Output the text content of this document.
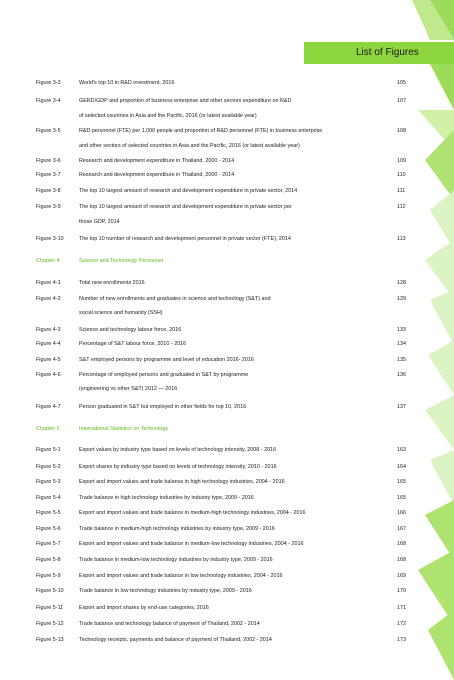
List of Figures
Figure 3-3	World's top 10 in R&D investment, 2016	105
Figure 3-4	GERD/GDP and proportion of business enterprise and other sectors expenditure on R&D	107
of selected countries in Asia and the Pacific, 2016 (or latest available year)
Figure 3-5	R&D personnel (FTE) per 1,000 people and proportion of R&D personnel (FTE) in business enterprise	108
and other sectors of selected countries in Asia and the Pacific, 2016 (or latest available year)
Figure 3-6	Research and development expenditure in Thailand, 2000 - 2014	109
Figure 3-7	Research and development expenditure in Thailand, 2000 - 2014	110
Figure 3-8	The top 10 largest amount of research and development expenditure in private sector, 2014	111
Figure 3-9	The top 10 largest amount of research and development expenditure in private sector per	112
those GDP, 2014
Figure 3-10	The top 10 number of research and development personnel in private sector (FTE), 2014	113
Chapter 4	Science and Technology Personnel
Figure 4-1	Total new enrollments 2016	128
Figure 4-2	Number of new enrollments and graduates in science and technology (S&T) and	129
social science and humanity (SSH)
Figure 4-3	Science and technology labour force, 2016	133
Figure 4-4	Percentage of S&T labour force, 2010 - 2016	134
Figure 4-5	S&T employed persons by programme and level of education 2016- 2016	135
Figure 4-6	Percentage of employed persons and graduated in S&T by programme	136
(engineering vs other S&T) 2012 — 2016
Figure 4-7	Person graduated in S&T but employed in other fields for top 10, 2016	137
Chapter 5	International Statistics on Technology
Figure 5-1	Export values by industry type based on levels of technology intensity, 2008 - 2016	163
Figure 5-2	Export shares by industry type based on levels of technology intensity, 2010 - 2016	164
Figure 5-3	Export and import values and trade balance in high technology industries, 2004 - 2016	165
Figure 5-4	Trade balance in high technology industries by industry type, 2009 - 2016	165
Figure 5-5	Export and import values and trade balance in medium-high technology industries, 2004 - 2016	166
Figure 5-6	Trade balance in medium-high technology industries by industry type, 2009 - 2016	167
Figure 5-7	Export and import values and trade balance in medium-low technology industries, 2004 - 2016	168
Figure 5-8	Trade balance in medium-low technology industries by industry type, 2009 - 2016	168
Figure 5-9	Export and import values and trade balance in low technology industries, 2004 - 2016	169
Figure 5-10	Trade balance in low technology industries by industry type, 2009 - 2016	170
Figure 5-11	Export and import shares by end-use categories, 2016	171
Figure 5-12	Trade balance and technology balance of payment of Thailand, 2002 - 2014	172
Figure 5-13	Technology receipts, payments and balance of payment of Thailand, 2002 - 2014	173
